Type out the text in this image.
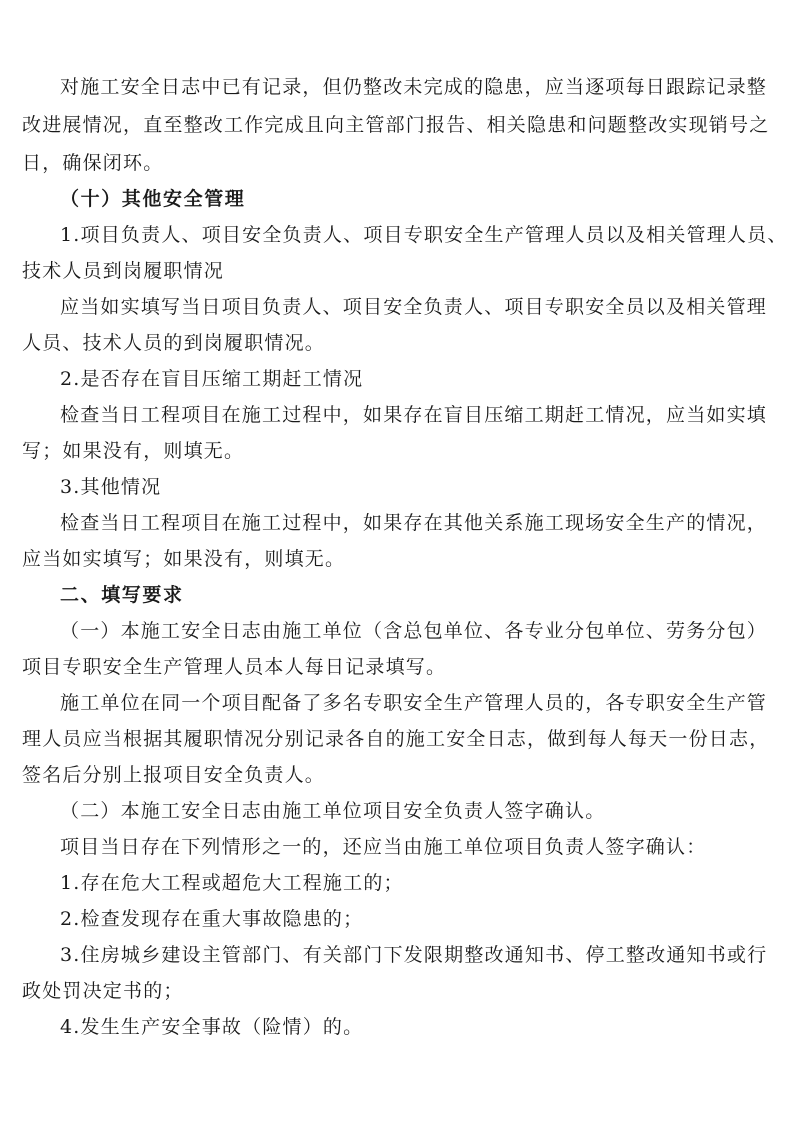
对施工安全日志中已有记录，但仍整改未完成的隐患，应当逐项每日跟踪记录整
改进展情况，直至整改工作完成且向主管部门报告、相关隐患和问题整改实现销号之
日，确保闭环。
（十）其他安全管理
1.项目负责人、项目安全负责人、项目专职安全生产管理人员以及相关管理人员、
技术人员到岗履职情况
应当如实填写当日项目负责人、项目安全负责人、项目专职安全员以及相关管理
人员、技术人员的到岗履职情况。
2.是否存在盲目压缩工期赶工情况
检查当日工程项目在施工过程中，如果存在盲目压缩工期赶工情况，应当如实填
写；如果没有，则填无。
3.其他情况
检查当日工程项目在施工过程中，如果存在其他关系施工现场安全生产的情况，
应当如实填写；如果没有，则填无。
二、填写要求
（一）本施工安全日志由施工单位（含总包单位、各专业分包单位、劳务分包）
项目专职安全生产管理人员本人每日记录填写。
施工单位在同一个项目配备了多名专职安全生产管理人员的，各专职安全生产管
理人员应当根据其履职情况分别记录各自的施工安全日志，做到每人每天一份日志，
签名后分别上报项目安全负责人。
（二）本施工安全日志由施工单位项目安全负责人签字确认。
项目当日存在下列情形之一的，还应当由施工单位项目负责人签字确认：
1.存在危大工程或超危大工程施工的；
2.检查发现存在重大事故隐患的；
3.住房城乡建设主管部门、有关部门下发限期整改通知书、停工整改通知书或行
政处罚决定书的；
4.发生生产安全事故（险情）的。
